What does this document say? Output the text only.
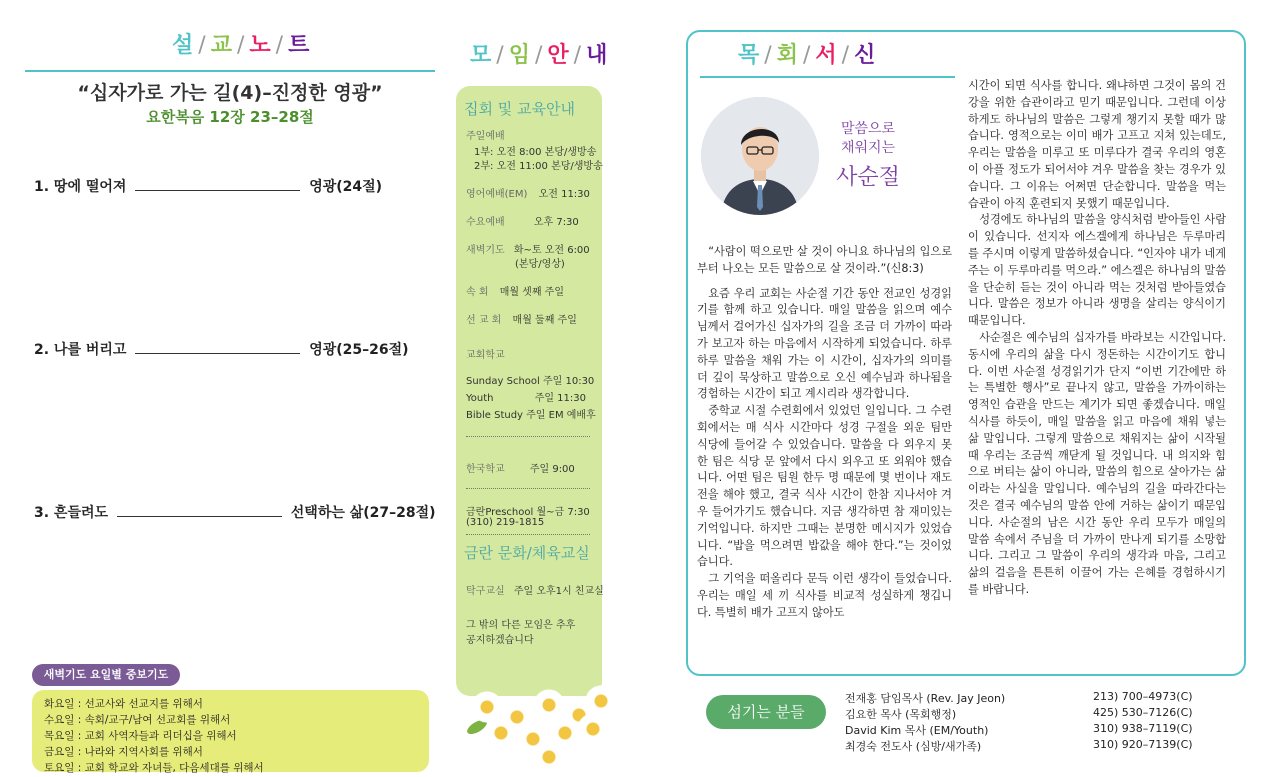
설 / 교 / 노 / 트
“십자가로 가는 길(4)–진정한 영광”
요한복음 12장 23–28절
1. 땅에 떨어져	영광(24절)
2. 나를 버리고	영광(25–26절)
3. 흔들려도	선택하는 삶(27–28절)
새벽기도 요일별 중보기도
화요일 : 선교사와 선교지를 위해서
수요일 : 속회/교구/남여 선교회를 위해서
목요일 : 교회 사역자들과 리더십을 위해서
금요일 : 나라와 지역사회를 위해서
토요일 : 교회 학교와 자녀들, 다음세대를 위해서
모 / 임 / 안 / 내
집회 및 교육안내
주일예배
1부: 오전 8:00 본당/생방송
2부: 오전 11:00 본당/생방송
영어예배(EM) 오전 11:30
수요예배	오후 7:30
새벽기도 화~토 오전 6:00
(본당/영상)
속 회 매월 셋째 주일
선 교 회 매월 둘째 주일
교회학교
Sunday School 주일 10:30
Youth	주일 11:30
Bible Study 주일 EM 예배후
한국학교	주일 9:00
금란Preschool 월~금 7:30
(310) 219-1815
금란 문화/체육교실
탁구교실 주일 오후1시 친교실
그 밖의 다른 모임은 추후
공지하겠습니다
목 / 회 / 서 / 신
말씀으로
채워지는
사순절

“사람이 떡으로만 살 것이 아니요 하나님의 입으로부터 나오는 모든 말씀으로 살 것이라.”(신8:3)

요즘 우리 교회는 사순절 기간 동안 전교인 성경읽기를 함께 하고 있습니다. 매일 말씀을 읽으며 예수님께서 걸어가신 십자가의 길을 조금 더 가까이 따라가 보고자 하는 마음에서 시작하게 되었습니다. 하루하루 말씀을 채워 가는 이 시간이, 십자가의 의미를 더 깊이 묵상하고 말씀으로 오신 예수님과 하나됨을 경험하는 시간이 되고 계시리라 생각합니다.

중학교 시절 수련회에서 있었던 일입니다. 그 수련회에서는 매 식사 시간마다 성경 구절을 외운 팀만 식당에 들어갈 수 있었습니다. 말씀을 다 외우지 못한 팀은 식당 문 앞에서 다시 외우고 또 외워야 했습니다. 어떤 팀은 팀원 한두 명 때문에 몇 번이나 재도전을 해야 했고, 결국 식사 시간이 한참 지나서야 겨우 들어가기도 했습니다. 지금 생각하면 참 재미있는 기억입니다. 하지만 그때는 분명한 메시지가 있었습니다. “밥을 먹으려면 밥값을 해야 한다.”는 것이었습니다.

그 기억을 떠올리다 문득 이런 생각이 들었습니다. 우리는 매일 세 끼 식사를 비교적 성실하게 챙깁니다. 특별히 배가 고프지 않아도

시간이 되면 식사를 합니다. 왜냐하면 그것이 몸의 건강을 위한 습관이라고 믿기 때문입니다. 그런데 이상하게도 하나님의 말씀은 그렇게 챙기지 못할 때가 많습니다. 영적으로는 이미 배가 고프고 지쳐 있는데도, 우리는 말씀을 미루고 또 미루다가 결국 우리의 영혼이 아플 정도가 되어서야 겨우 말씀을 찾는 경우가 있습니다. 그 이유는 어쩌면 단순합니다. 말씀을 먹는 습관이 아직 훈련되지 못했기 때문입니다.

성경에도 하나님의 말씀을 양식처럼 받아들인 사람이 있습니다. 선지자 에스겔에게 하나님은 두루마리를 주시며 이렇게 말씀하셨습니다. “인자야 내가 네게 주는 이 두루마리를 먹으라.” 에스겔은 하나님의 말씀을 단순히 듣는 것이 아니라 먹는 것처럼 받아들였습니다. 말씀은 정보가 아니라 생명을 살리는 양식이기 때문입니다.

사순절은 예수님의 십자가를 바라보는 시간입니다. 동시에 우리의 삶을 다시 정돈하는 시간이기도 합니다. 이번 사순절 성경읽기가 단지 “이번 기간에만 하는 특별한 행사”로 끝나지 않고, 말씀을 가까이하는 영적인 습관을 만드는 계기가 되면 좋겠습니다. 매일 식사를 하듯이, 매일 말씀을 읽고 마음에 채워 넣는 삶 말입니다. 그렇게 말씀으로 채워지는 삶이 시작될 때 우리는 조금씩 깨닫게 될 것입니다. 내 의지와 힘으로 버티는 삶이 아니라, 말씀의 힘으로 살아가는 삶이라는 사실을 말입니다. 예수님의 길을 따라간다는 것은 결국 예수님의 말씀 안에 거하는 삶이기 때문입니다. 사순절의 남은 시간 동안 우리 모두가 매일의 말씀 속에서 주님을 더 가까이 만나게 되기를 소망합니다. 그리고 그 말씀이 우리의 생각과 마음, 그리고 삶의 걸음을 튼튼히 이끌어 가는 은혜를 경험하시기를 바랍니다.

섬기는 분들
전재홍 담임목사 (Rev. Jay Jeon)	213) 700–4973(C)
김요한 목사 (목회행정)	425) 530–7126(C)
David Kim 목사 (EM/Youth)	310) 938–7119(C)
최경숙 전도사 (심방/새가족)	310) 920–7139(C)
